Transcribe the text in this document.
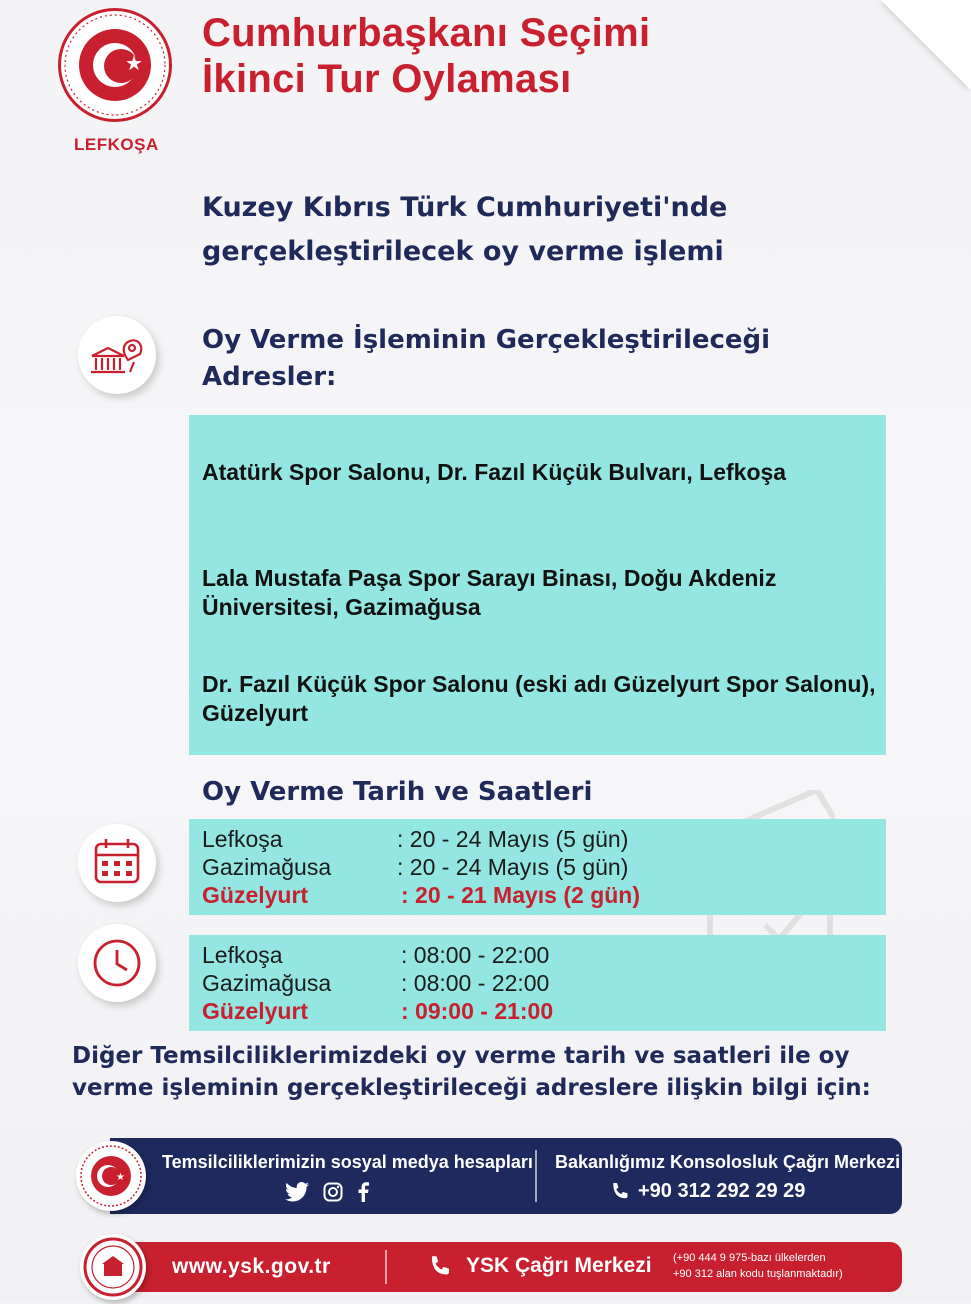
★
LEFKOŞA
Cumhurbaşkanı Seçimi
İkinci Tur Oylaması
Kuzey Kıbrıs Türk Cumhuriyeti'nde
gerçekleştirilecek oy verme işlemi
Oy Verme İşleminin Gerçekleştirileceği
Adresler:
Atatürk Spor Salonu, Dr. Fazıl Küçük Bulvarı, Lefkoşa
Lala Mustafa Paşa Spor Sarayı Binası, Doğu Akdeniz Üniversitesi, Gazimağusa
Dr. Fazıl Küçük Spor Salonu (eski adı Güzelyurt Spor Salonu), Güzelyurt
Oy Verme Tarih ve Saatleri
Lefkoşa	: 20 - 24 Mayıs (5 gün)
Gazimağusa	: 20 - 24 Mayıs (5 gün)
Güzelyurt	: 20 - 21 Mayıs (2 gün)
Lefkoşa	: 08:00 - 22:00
Gazimağusa	: 08:00 - 22:00
Güzelyurt	: 09:00 - 21:00
Diğer Temsilciliklerimizdeki oy verme tarih ve saatleri ile oy
verme işleminin gerçekleştirileceği adreslere ilişkin bilgi için:
Temsilciliklerimizin sosyal medya hesapları Bakanlığımız Konsolosluk Çağrı Merkezi
+90 312 292 29 29
★
www.ysk.gov.tr	YSK Çağrı Merkezi (+90 444 9 975-bazı ülkelerden
+90 312 alan kodu tuşlanmaktadır)
